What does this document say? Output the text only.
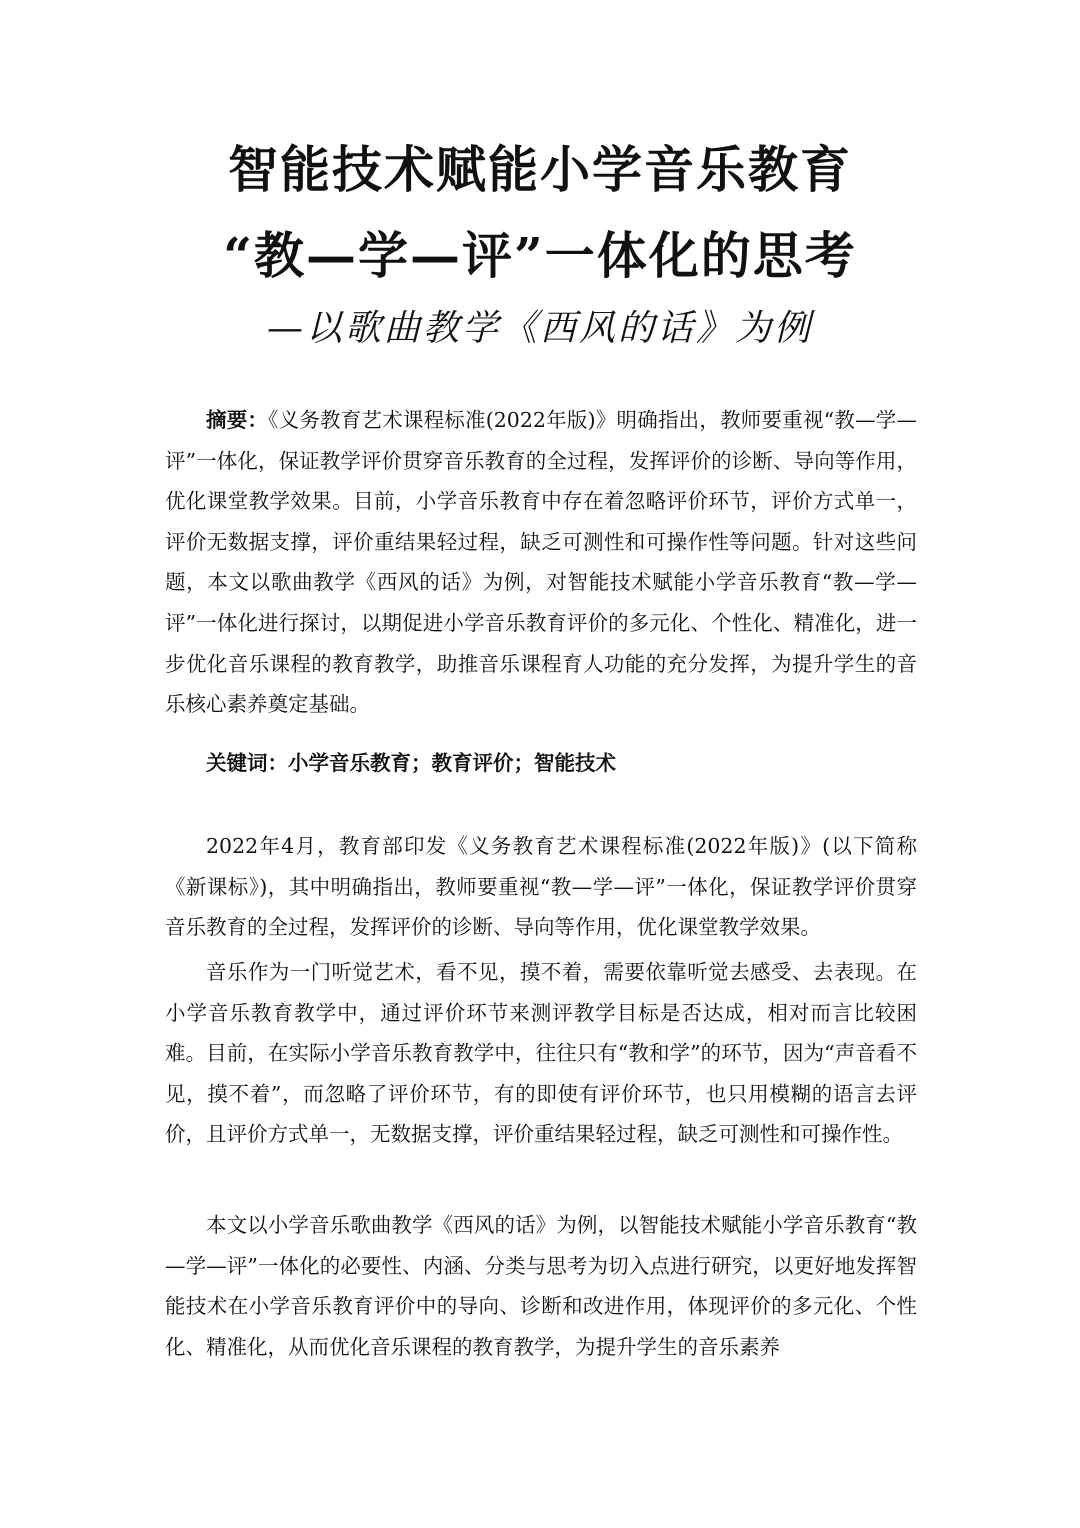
智能技术赋能小学音乐教育
“教—学—评”一体化的思考
—以歌曲教学《西风的话》为例

摘要：《义务教育艺术课程标准(2022年版)》明确指出，教师要重视“教—学—评”一体化，保证教学评价贯穿音乐教育的全过程，发挥评价的诊断、导向等作用，优化课堂教学效果。目前，小学音乐教育中存在着忽略评价环节，评价方式单一，评价无数据支撑，评价重结果轻过程，缺乏可测性和可操作性等问题。针对这些问题，本文以歌曲教学《西风的话》为例，对智能技术赋能小学音乐教育“教—学—评”一体化进行探讨，以期促进小学音乐教育评价的多元化、个性化、精准化，进一步优化音乐课程的教育教学，助推音乐课程育人功能的充分发挥，为提升学生的音乐核心素养奠定基础。

关键词：小学音乐教育；教育评价；智能技术

2022年4月，教育部印发《义务教育艺术课程标准(2022年版)》(以下简称《新课标》)，其中明确指出，教师要重视“教—学—评”一体化，保证教学评价贯穿音乐教育的全过程，发挥评价的诊断、导向等作用，优化课堂教学效果。

音乐作为一门听觉艺术，看不见，摸不着，需要依靠听觉去感受、去表现。在小学音乐教育教学中，通过评价环节来测评教学目标是否达成，相对而言比较困难。目前，在实际小学音乐教育教学中，往往只有“教和学”的环节，因为“声音看不见，摸不着”，而忽略了评价环节，有的即使有评价环节，也只用模糊的语言去评价，且评价方式单一，无数据支撑，评价重结果轻过程，缺乏可测性和可操作性。

本文以小学音乐歌曲教学《西风的话》为例，以智能技术赋能小学音乐教育“教—学—评”一体化的必要性、内涵、分类与思考为切入点进行研究，以更好地发挥智能技术在小学音乐教育评价中的导向、诊断和改进作用，体现评价的多元化、个性化、精准化，从而优化音乐课程的教育教学，为提升学生的音乐素养
